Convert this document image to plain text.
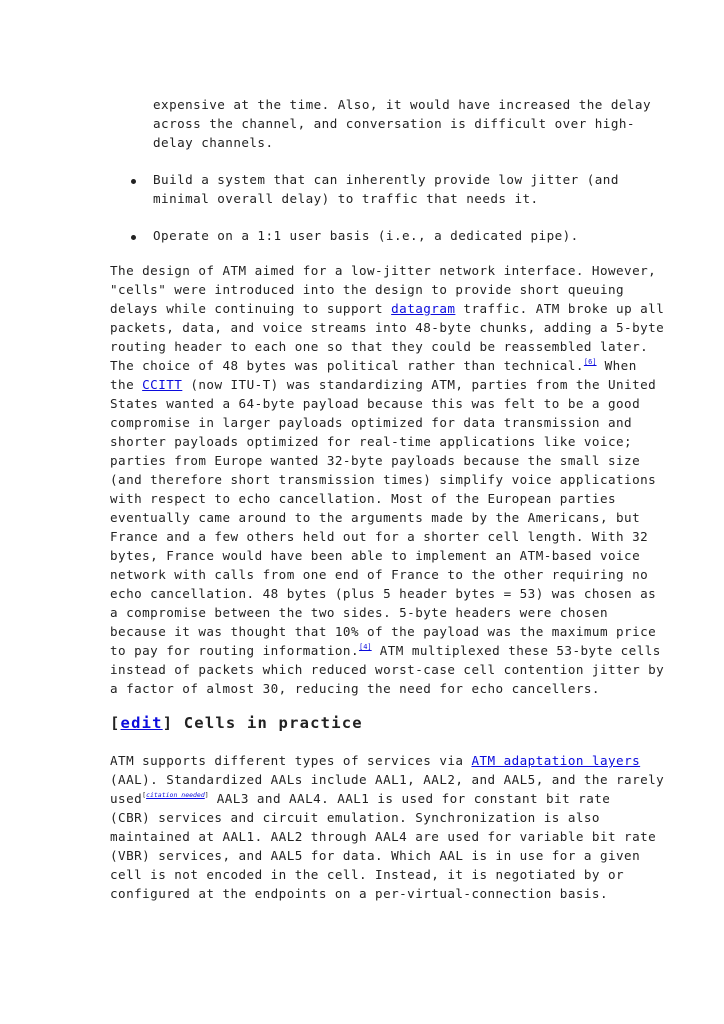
expensive at the time. Also, it would have increased the delay
across the channel, and conversation is difficult over high-
delay channels.
Build a system that can inherently provide low jitter (and
minimal overall delay) to traffic that needs it.
Operate on a 1:1 user basis (i.e., a dedicated pipe).
The design of ATM aimed for a low-jitter network interface. However,
"cells" were introduced into the design to provide short queuing
delays while continuing to support datagram traffic. ATM broke up all
packets, data, and voice streams into 48-byte chunks, adding a 5-byte
routing header to each one so that they could be reassembled later.
The choice of 48 bytes was political rather than technical.[6] When
the CCITT (now ITU-T) was standardizing ATM, parties from the United
States wanted a 64-byte payload because this was felt to be a good
compromise in larger payloads optimized for data transmission and
shorter payloads optimized for real-time applications like voice;
parties from Europe wanted 32-byte payloads because the small size
(and therefore short transmission times) simplify voice applications
with respect to echo cancellation. Most of the European parties
eventually came around to the arguments made by the Americans, but
France and a few others held out for a shorter cell length. With 32
bytes, France would have been able to implement an ATM-based voice
network with calls from one end of France to the other requiring no
echo cancellation. 48 bytes (plus 5 header bytes = 53) was chosen as
a compromise between the two sides. 5-byte headers were chosen
because it was thought that 10% of the payload was the maximum price
to pay for routing information.[4] ATM multiplexed these 53-byte cells
instead of packets which reduced worst-case cell contention jitter by
a factor of almost 30, reducing the need for echo cancellers.
[edit] Cells in practice
ATM supports different types of services via ATM adaptation layers
(AAL). Standardized AALs include AAL1, AAL2, and AAL5, and the rarely
used[citation needed] AAL3 and AAL4. AAL1 is used for constant bit rate
(CBR) services and circuit emulation. Synchronization is also
maintained at AAL1. AAL2 through AAL4 are used for variable bit rate
(VBR) services, and AAL5 for data. Which AAL is in use for a given
cell is not encoded in the cell. Instead, it is negotiated by or
configured at the endpoints on a per-virtual-connection basis.
